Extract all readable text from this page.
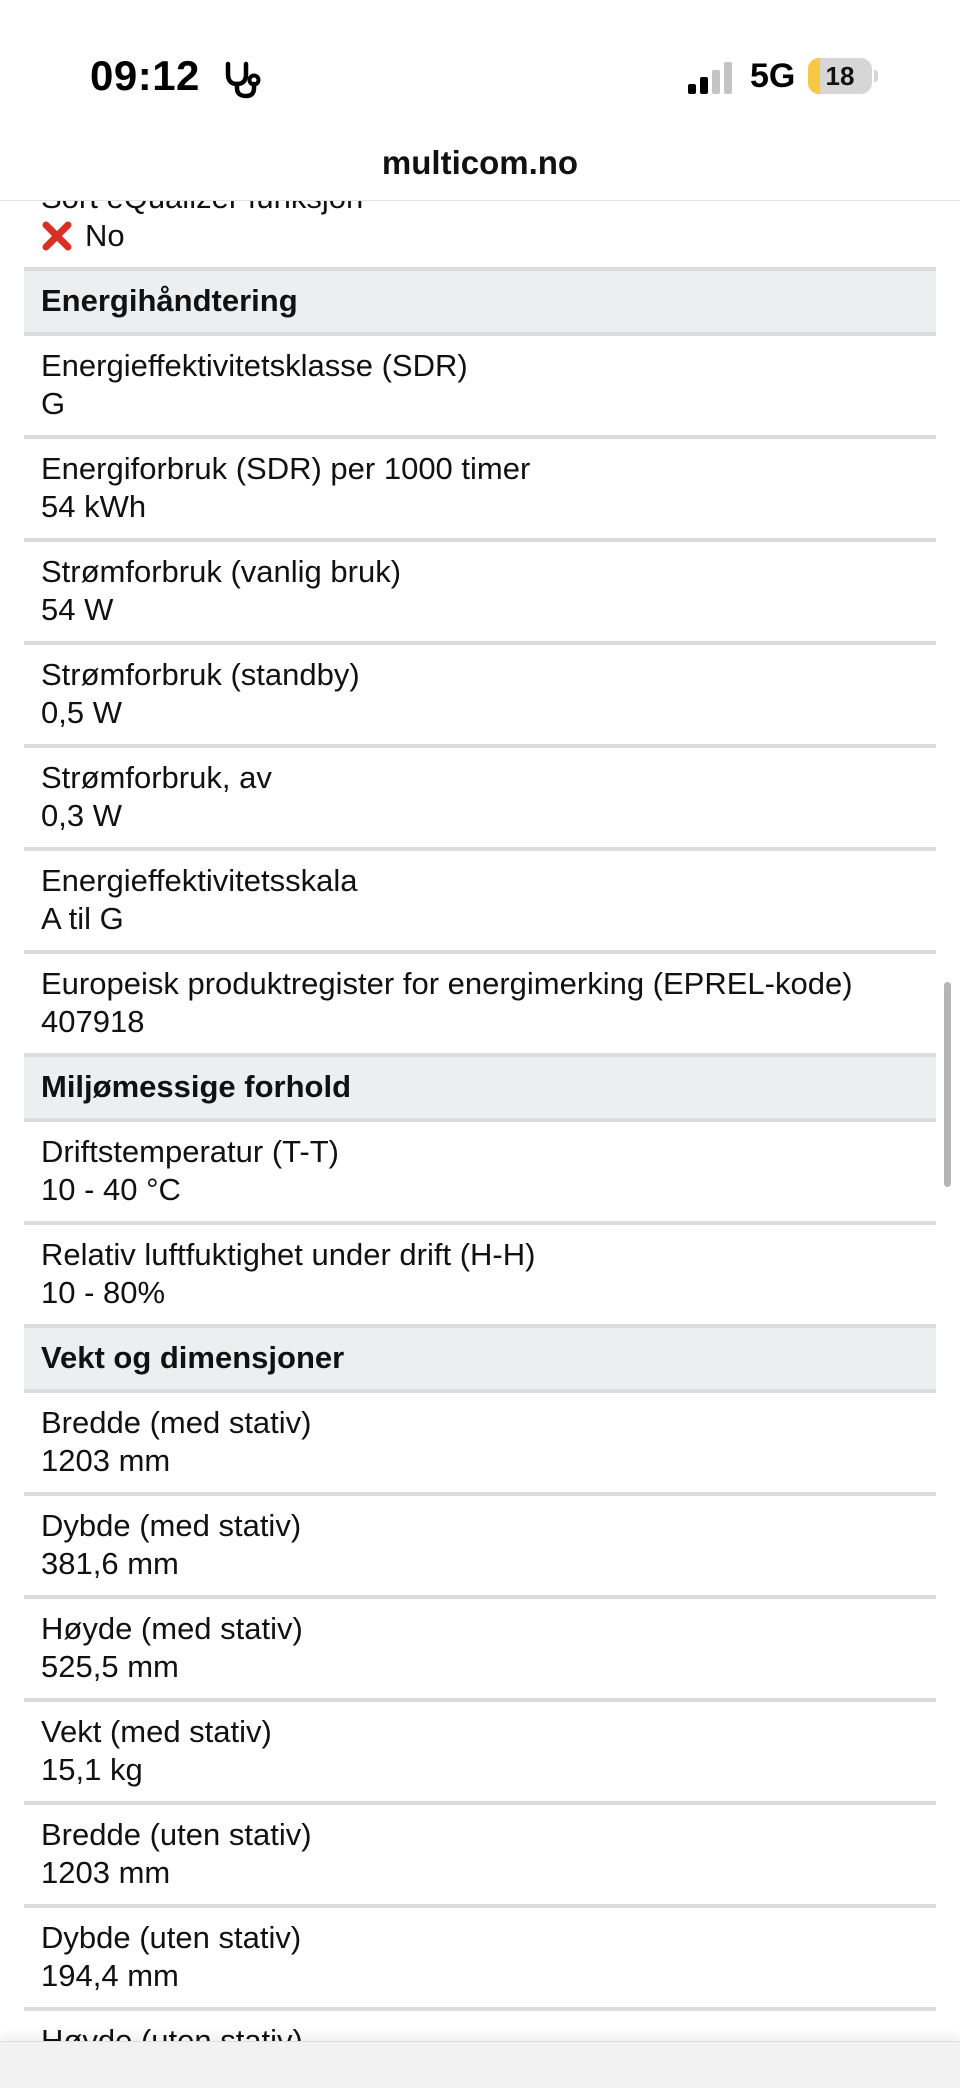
09:12	5G	18
multicom.no
No
Energihåndtering
Energieffektivitetsklasse (SDR)
G
Energiforbruk (SDR) per 1000 timer
54 kWh
Strømforbruk (vanlig bruk)
54 W
Strømforbruk (standby)
0,5 W
Strømforbruk, av
0,3 W
Energieffektivitetsskala
A til G
Europeisk produktregister for energimerking (EPREL-kode)
407918
Miljømessige forhold
Driftstemperatur (T-T)
10 - 40 °C
Relativ luftfuktighet under drift (H-H)
10 - 80%
Vekt og dimensjoner
Bredde (med stativ)
1203 mm
Dybde (med stativ)
381,6 mm
Høyde (med stativ)
525,5 mm
Vekt (med stativ)
15,1 kg
Bredde (uten stativ)
1203 mm
Dybde (uten stativ)
194,4 mm
